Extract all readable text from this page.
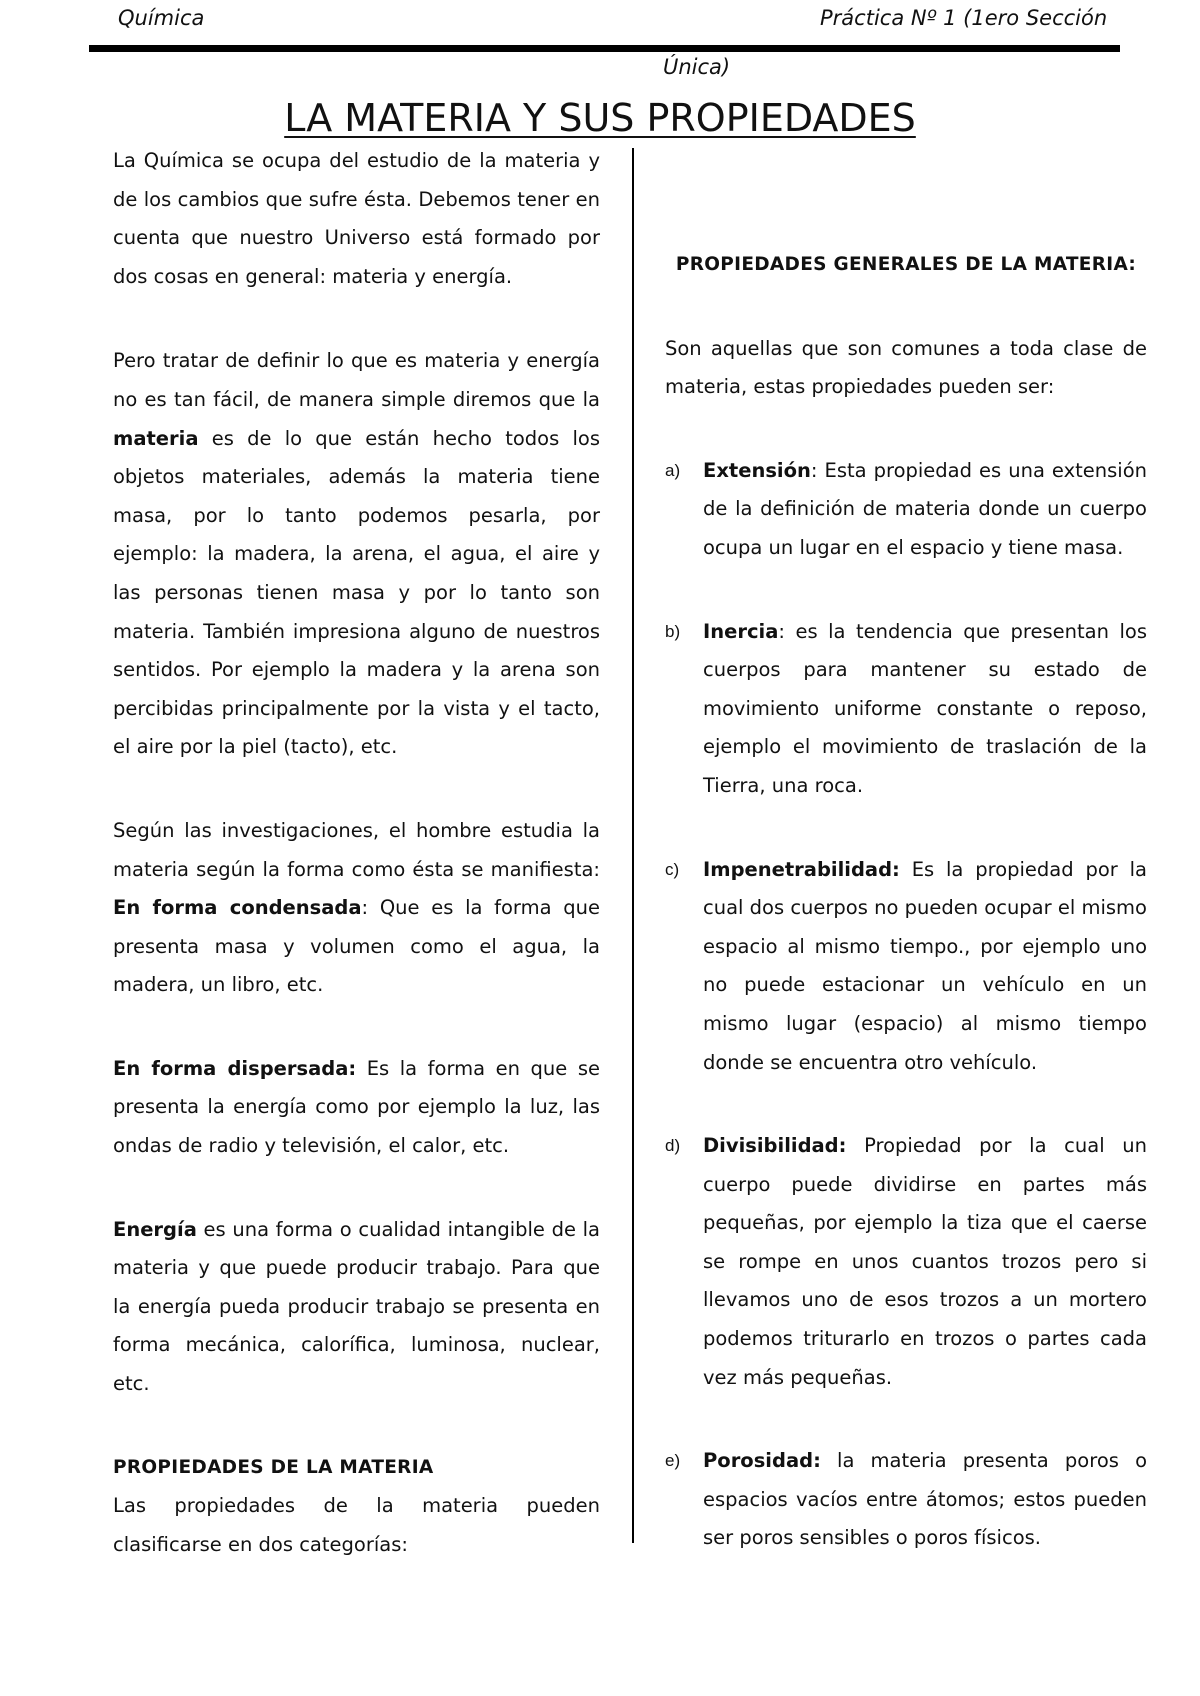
Química	Práctica Nº 1 (1ero Sección
Única)
LA MATERIA Y SUS PROPIEDADES

La Química se ocupa del estudio de la materia y de los cambios que sufre ésta. Debemos tener en cuenta que nuestro Universo está formado por dos cosas en general: materia y energía.

Pero tratar de definir lo que es materia y energía no es tan fácil, de manera simple diremos que la materia es de lo que están hecho todos los objetos materiales, además la materia tiene masa, por lo tanto podemos pesarla, por ejemplo: la madera, la arena, el agua, el aire y las personas tienen masa y por lo tanto son materia. También impresiona alguno de nuestros sentidos. Por ejemplo la madera y la arena son percibidas principalmente por la vista y el tacto, el aire por la piel (tacto), etc.

Según las investigaciones, el hombre estudia la materia según la forma como ésta se manifiesta: En forma condensada: Que es la forma que presenta masa y volumen como el agua, la madera, un libro, etc.

En forma dispersada: Es la forma en que se presenta la energía como por ejemplo la luz, las ondas de radio y televisión, el calor, etc.

Energía es una forma o cualidad intangible de la materia y que puede producir trabajo. Para que la energía pueda producir trabajo se presenta en forma mecánica, calorífica, luminosa, nuclear, etc.

PROPIEDADES DE LA MATERIA

Las propiedades de la materia pueden clasificarse en dos categorías:

PROPIEDADES GENERALES DE LA MATERIA:

Son aquellas que son comunes a toda clase de materia, estas propiedades pueden ser:

a) Extensión: Esta propiedad es una extensión de la definición de materia donde un cuerpo ocupa un lugar en el espacio y tiene masa.

b) Inercia: es la tendencia que presentan los cuerpos para mantener su estado de movimiento uniforme constante o reposo, ejemplo el movimiento de traslación de la Tierra, una roca.

c) Impenetrabilidad: Es la propiedad por la cual dos cuerpos no pueden ocupar el mismo espacio al mismo tiempo., por ejemplo uno no puede estacionar un vehículo en un mismo lugar (espacio) al mismo tiempo donde se encuentra otro vehículo.

d) Divisibilidad: Propiedad por la cual un cuerpo puede dividirse en partes más pequeñas, por ejemplo la tiza que el caerse se rompe en unos cuantos trozos pero si llevamos uno de esos trozos a un mortero podemos triturarlo en trozos o partes cada vez más pequeñas.

e) Porosidad: la materia presenta poros o espacios vacíos entre átomos; estos pueden ser poros sensibles o poros físicos.
